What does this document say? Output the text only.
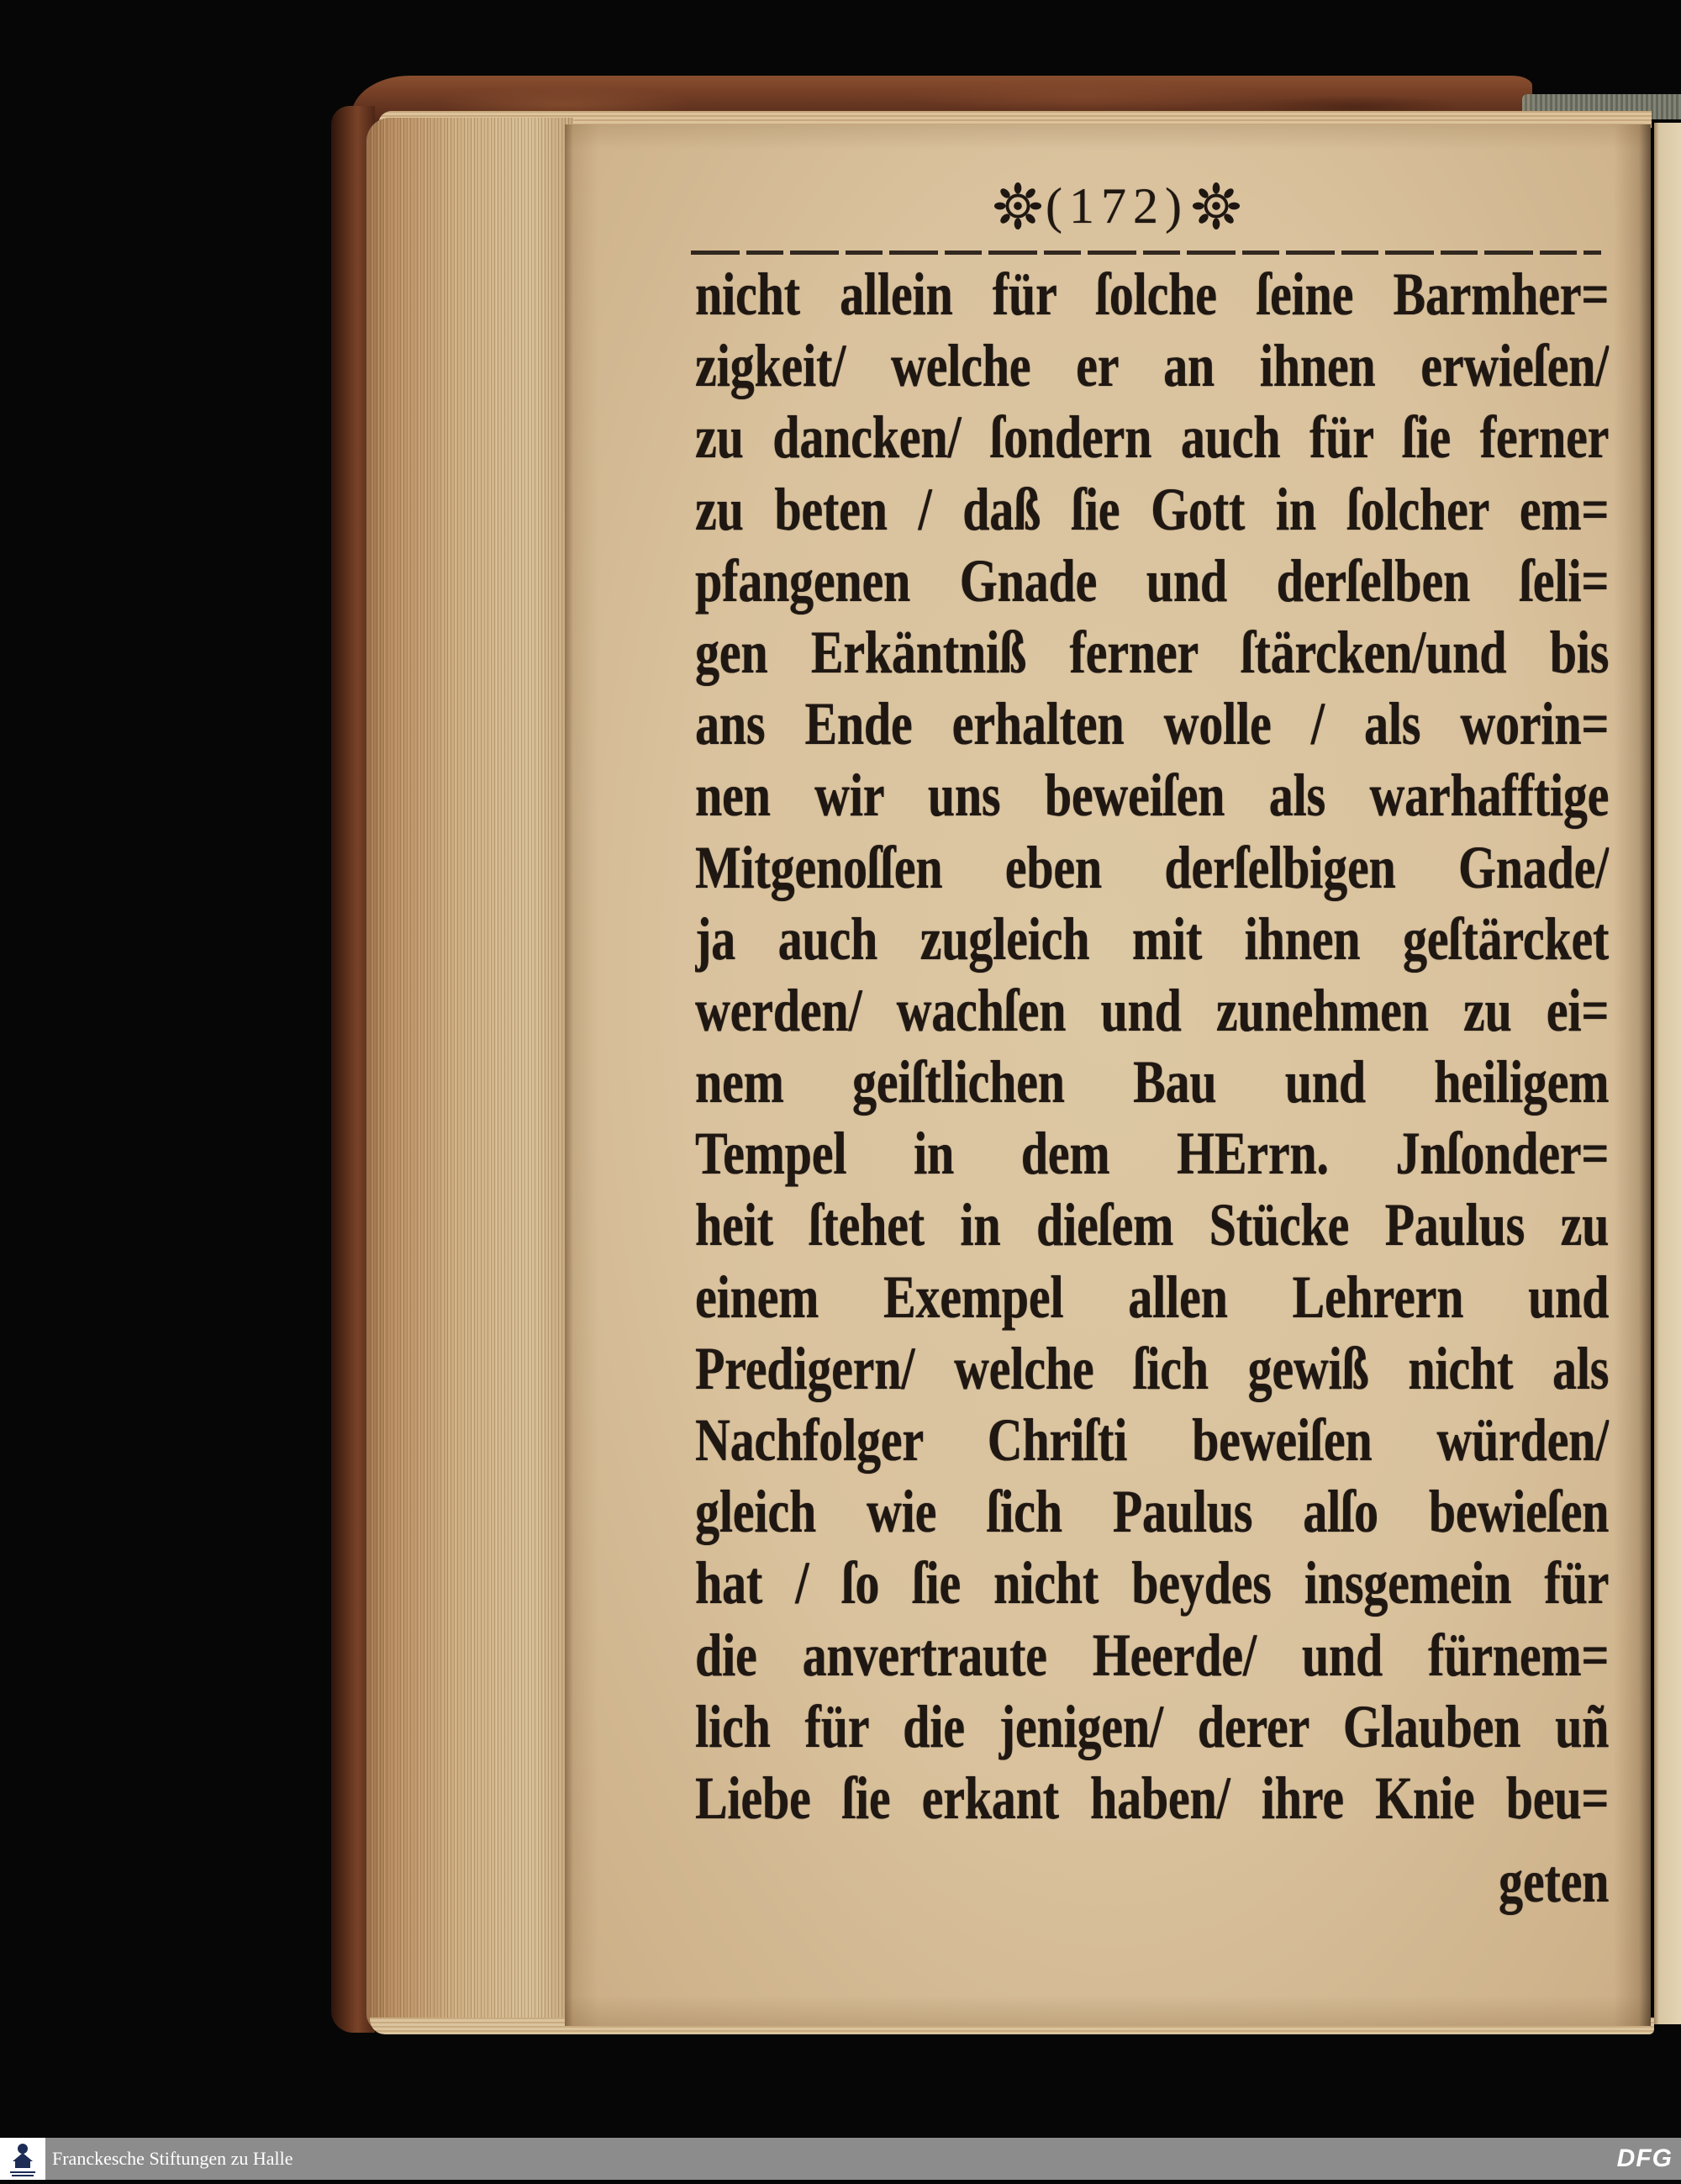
(172)
nicht allein für ſolche ſeine Barmher=
zigkeit/ welche er an ihnen erwieſen/
zu dancken/ ſondern auch für ſie ferner
zu beten / daß ſie Gott in ſolcher em=
pfangenen Gnade und derſelben ſeli=
gen Erkäntniß ferner ſtärcken/und bis
ans Ende erhalten wolle / als worin=
nen wir uns beweiſen als warhafftige
Mitgenoſſen eben derſelbigen Gnade/
ja auch zugleich mit ihnen geſtärcket
werden/ wachſen und zunehmen zu ei=
nem geiſtlichen Bau und heiligem
Tempel in dem HErrn. Jnſonder=
heit ſtehet in dieſem Stücke Paulus zu
einem Exempel allen Lehrern und
Predigern/ welche ſich gewiß nicht als
Nachfolger Chriſti beweiſen würden/
gleich wie ſich Paulus alſo bewieſen
hat / ſo ſie nicht beydes insgemein für
die anvertraute Heerde/ und fürnem=
lich für die jenigen/ derer Glauben uñ
Liebe ſie erkant haben/ ihre Knie beu=
geten
Franckesche Stiftungen zu Halle	DFG
